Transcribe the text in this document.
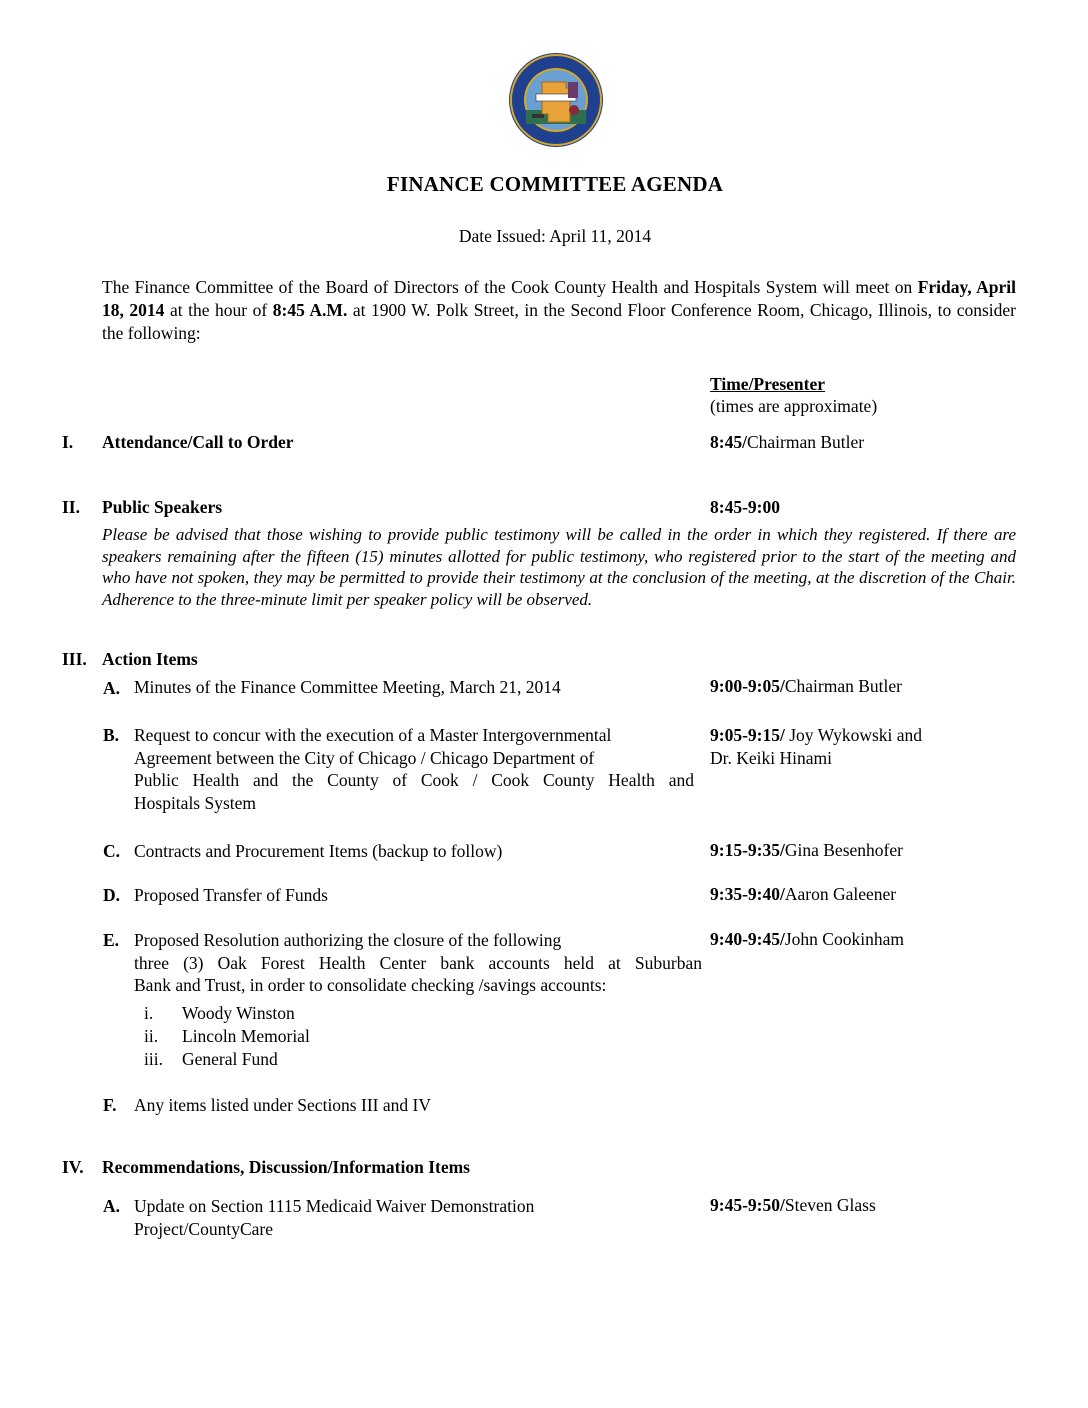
FINANCE COMMITTEE AGENDA
Date Issued: April 11, 2014
The Finance Committee of the Board of Directors of the Cook County Health and Hospitals System will meet on Friday, April 18, 2014 at the hour of 8:45 A.M. at 1900 W. Polk Street, in the Second Floor Conference Room, Chicago, Illinois, to consider the following:
Time/Presenter
(times are approximate)
I. Attendance/Call to Order	8:45/Chairman Butler
II. Public Speakers	8:45-9:00
Please be advised that those wishing to provide public testimony will be called in the order in which they registered. If there are speakers remaining after the fifteen (15) minutes allotted for public testimony, who registered prior to the start of the meeting and who have not spoken, they may be permitted to provide their testimony at the conclusion of the meeting, at the discretion of the Chair. Adherence to the three-minute limit per speaker policy will be observed.
III. Action Items
A. Minutes of the Finance Committee Meeting, March 21, 2014	9:00-9:05/Chairman Butler
B. Request to concur with the execution of a Master Intergovernmental
Agreement between the City of Chicago / Chicago Department of
Public Health and the County of Cook / Cook County Health and
Hospitals System
9:05-9:15/ Joy Wykowski and
Dr. Keiki Hinami
C. Contracts and Procurement Items (backup to follow)	9:15-9:35/Gina Besenhofer
D. Proposed Transfer of Funds	9:35-9:40/Aaron Galeener
E. Proposed Resolution authorizing the closure of the following
three (3) Oak Forest Health Center bank accounts held at Suburban
Bank and Trust, in order to consolidate checking /savings accounts:
9:40-9:45/John Cookinham
i. Woody Winston
ii. Lincoln Memorial
iii. General Fund
F. Any items listed under Sections III and IV
IV. Recommendations, Discussion/Information Items
A. Update on Section 1115 Medicaid Waiver Demonstration
Project/CountyCare
9:45-9:50/Steven Glass
